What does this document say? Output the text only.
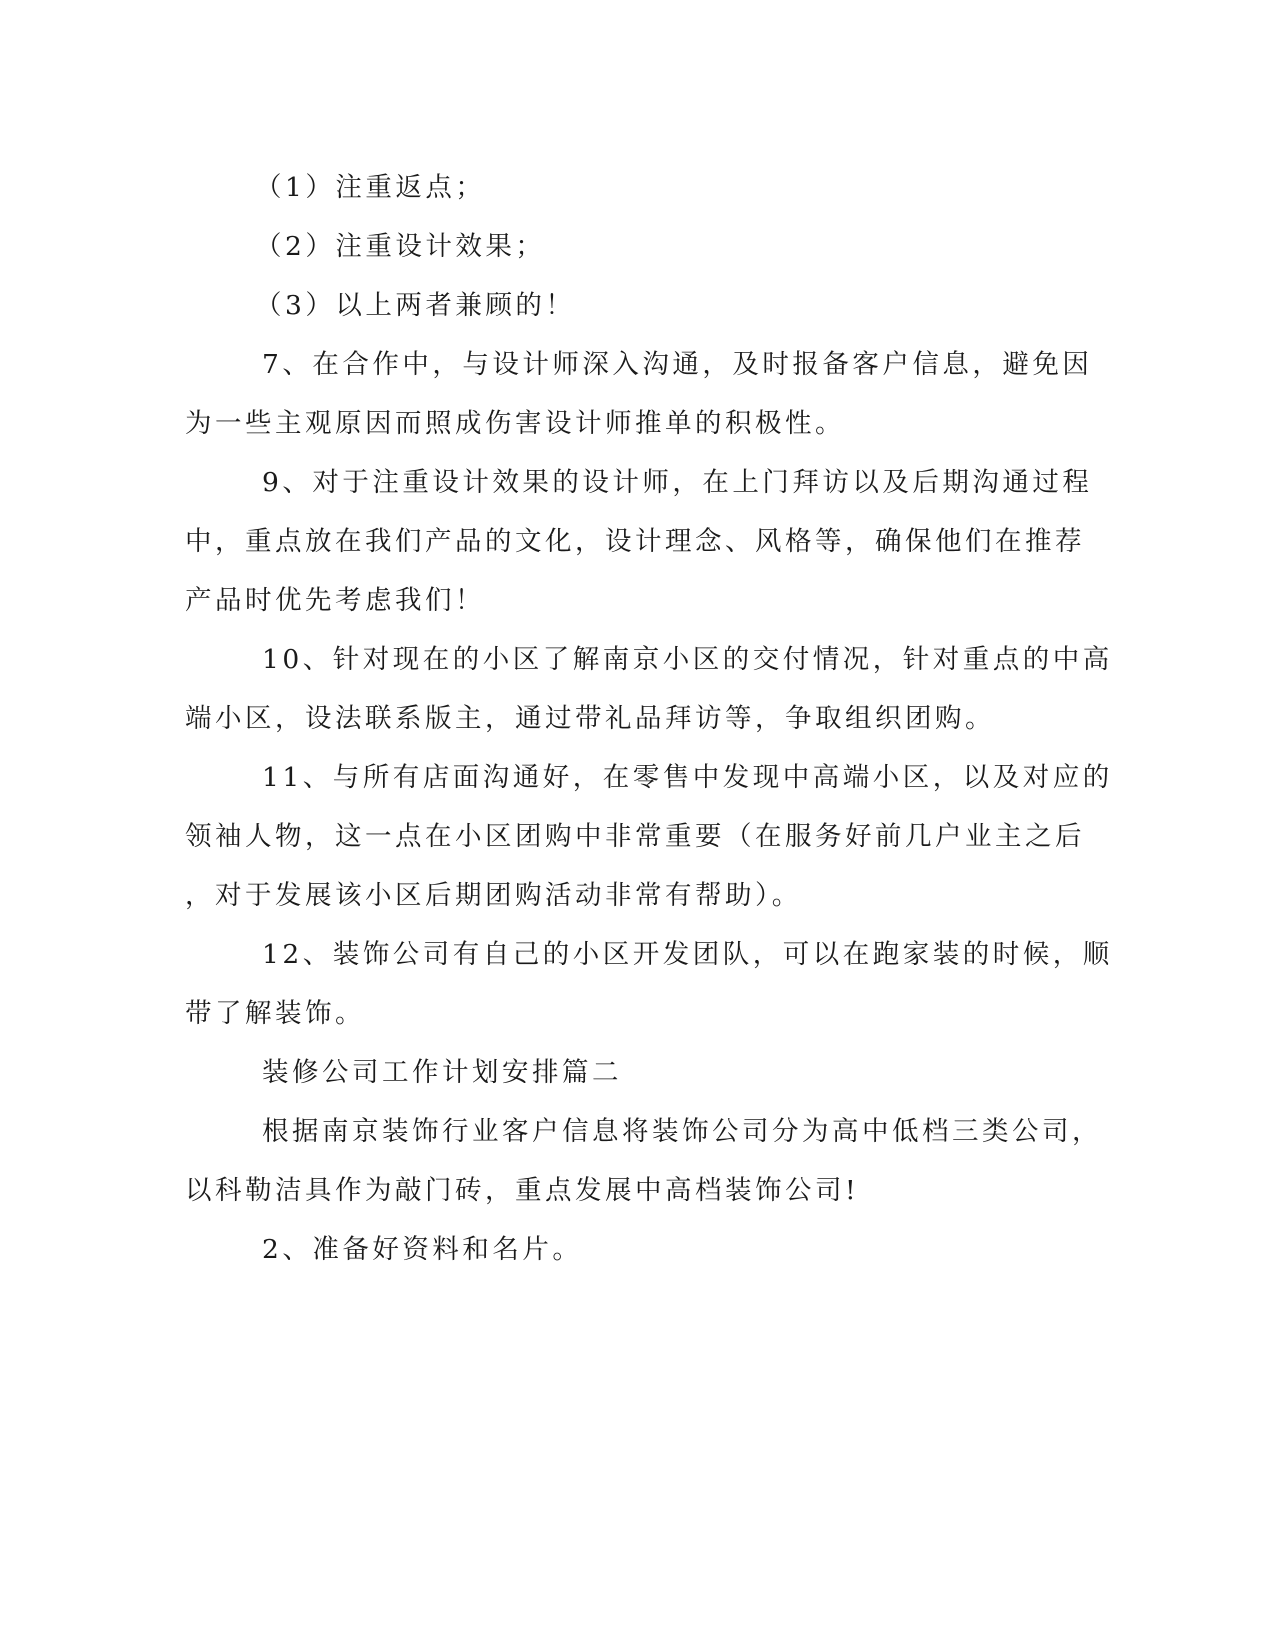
（1）注重返点；
（2）注重设计效果；
（3）以上两者兼顾的！
7、在合作中，与设计师深入沟通，及时报备客户信息，避免因
为一些主观原因而照成伤害设计师推单的积极性。
9、对于注重设计效果的设计师，在上门拜访以及后期沟通过程
中，重点放在我们产品的文化，设计理念、风格等，确保他们在推荐
产品时优先考虑我们！
10、针对现在的小区了解南京小区的交付情况，针对重点的中高
端小区，设法联系版主，通过带礼品拜访等，争取组织团购。
11、与所有店面沟通好，在零售中发现中高端小区，以及对应的
领袖人物，这一点在小区团购中非常重要（在服务好前几户业主之后
，对于发展该小区后期团购活动非常有帮助）。
12、装饰公司有自己的小区开发团队，可以在跑家装的时候，顺
带了解装饰。
装修公司工作计划安排篇二
根据南京装饰行业客户信息将装饰公司分为高中低档三类公司，
以科勒洁具作为敲门砖，重点发展中高档装饰公司!
2、准备好资料和名片。
